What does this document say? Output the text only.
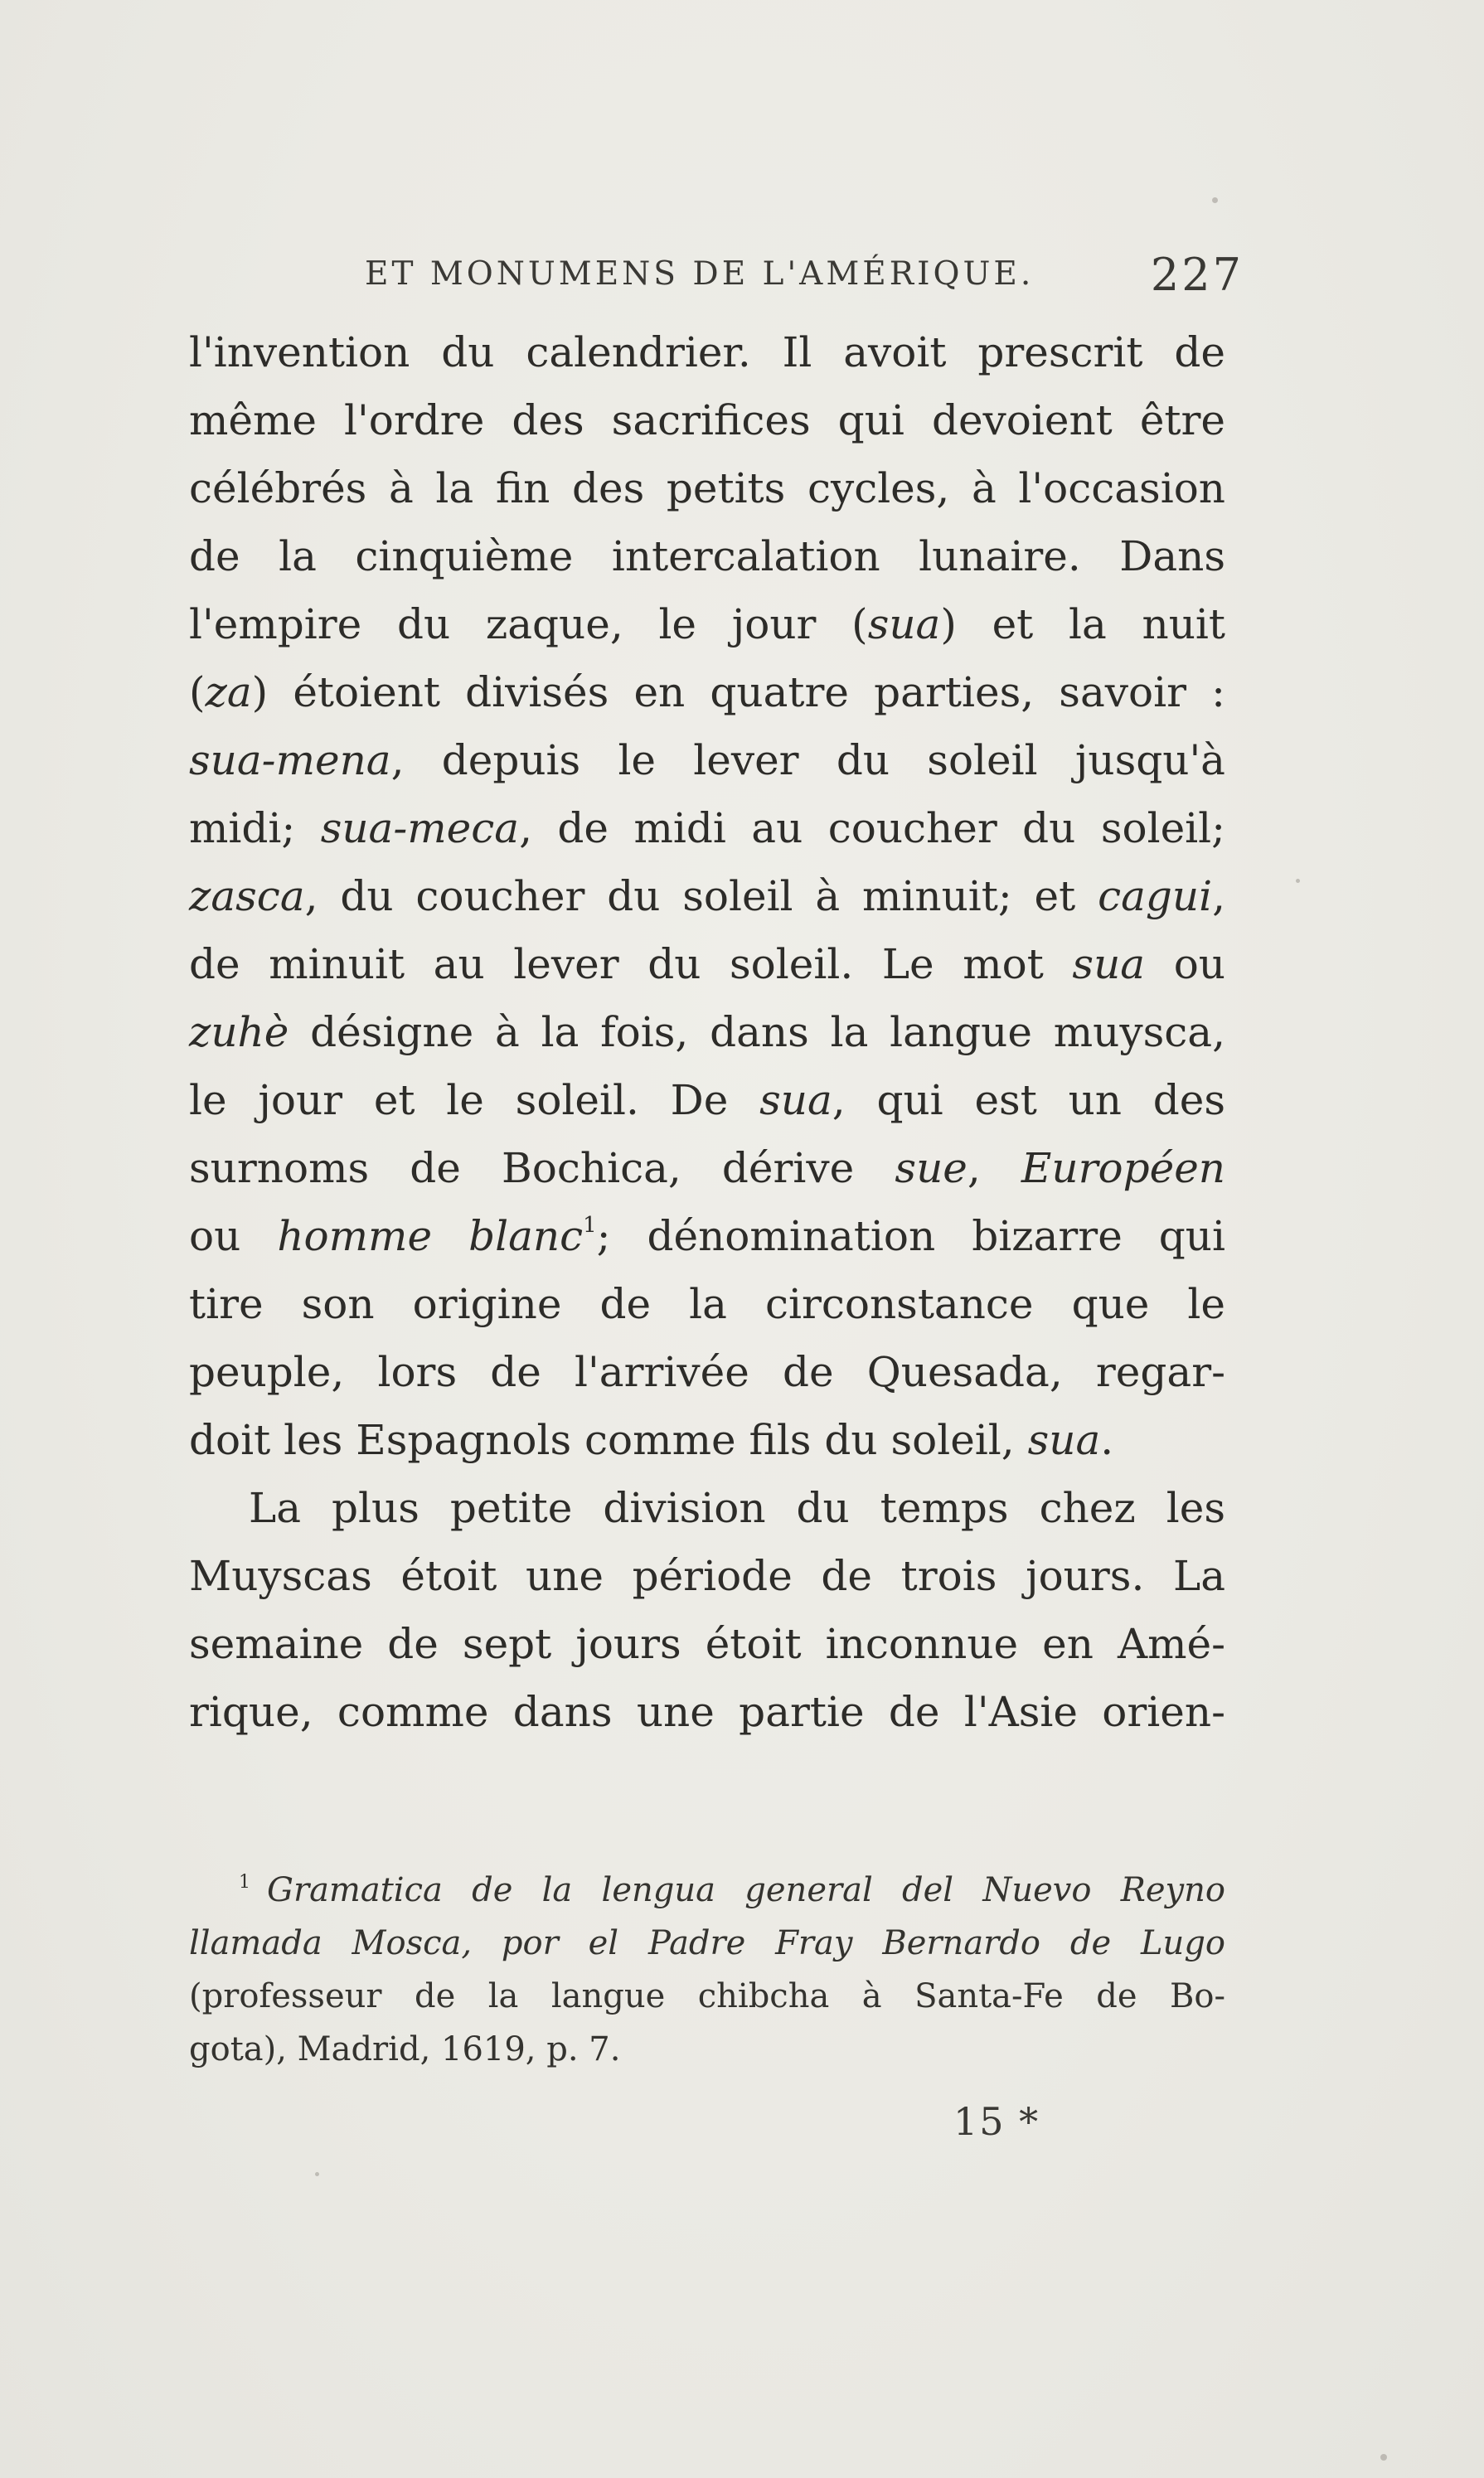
ET MONUMENS DE L'AMÉRIQUE.	227
l'invention du calendrier. Il avoit prescrit de
même l'ordre des sacrifices qui devoient être
célébrés à la fin des petits cycles, à l'occasion
de la cinquième intercalation lunaire. Dans
l'empire du zaque, le jour (sua) et la nuit
(za) étoient divisés en quatre parties, savoir :
sua-mena, depuis le lever du soleil jusqu'à
midi; sua-meca, de midi au coucher du soleil;
zasca, du coucher du soleil à minuit; et cagui,
de minuit au lever du soleil. Le mot sua ou
zuhè désigne à la fois, dans la langue muysca,
le jour et le soleil. De sua, qui est un des
surnoms de Bochica, dérive sue, Européen
ou homme blanc$^1$; dénomination bizarre qui
tire son origine de la circonstance que le
peuple, lors de l'arrivée de Quesada, regar-
doit les Espagnols comme fils du soleil, sua.
La plus petite division du temps chez les
Muyscas étoit une période de trois jours. La
semaine de sept jours étoit inconnue en Amé-
rique, comme dans une partie de l'Asie orien-
$^1$ Gramatica de la lengua general del Nuevo Reyno
llamada Mosca, por el Padre Fray Bernardo de Lugo
(professeur de la langue chibcha à Santa-Fe de Bo-
gota), Madrid, 1619, p. 7.
15 *
